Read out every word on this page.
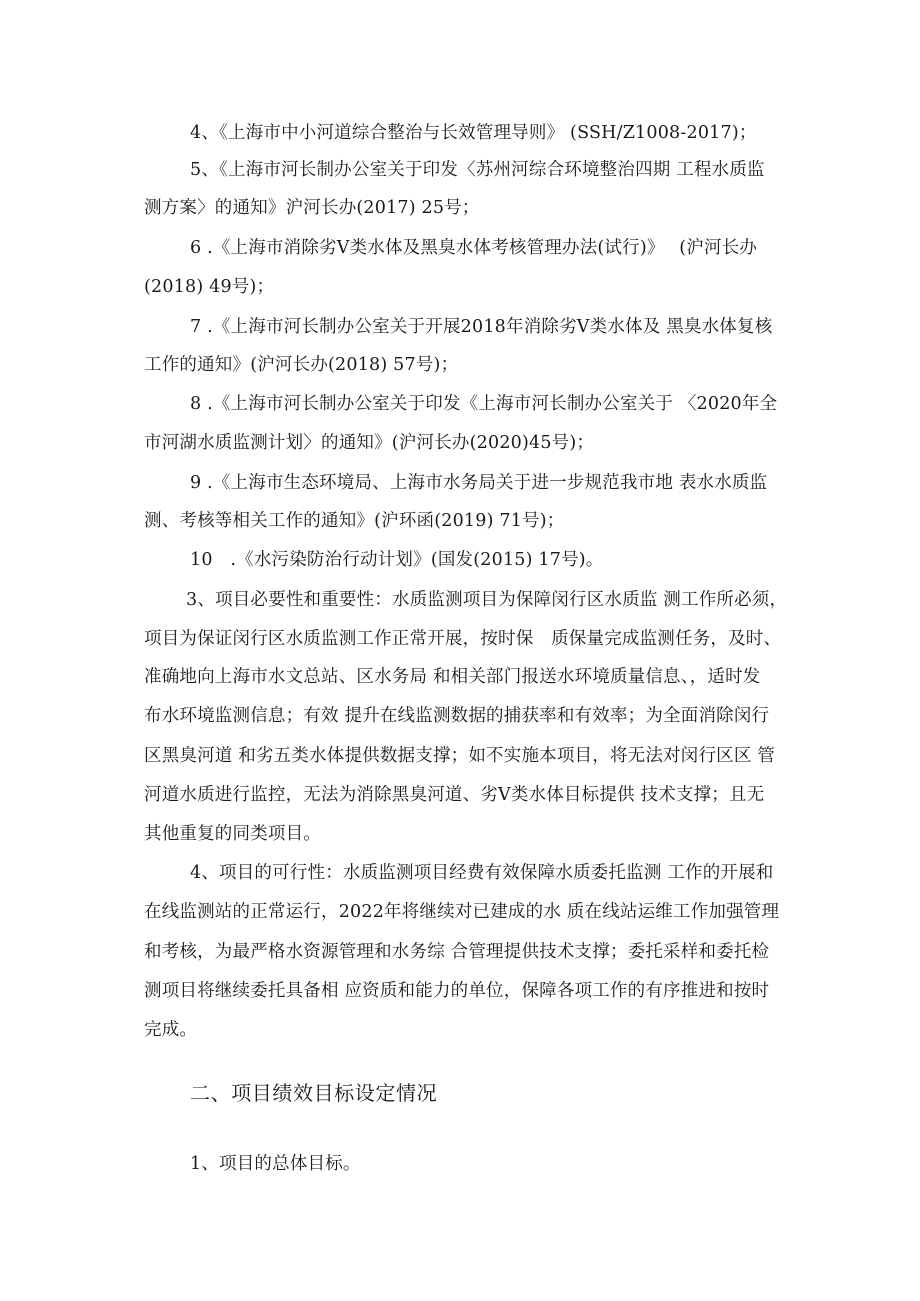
4、《上海市中小河道综合整治与长效管理导则》 (SSH/Z1008-2017)；
5、《上海市河长制办公室关于印发〈苏州河综合环境整治四期 工程水质监
测方案〉的通知》沪河长办(2017) 25号；
6 .《上海市消除劣V类水体及黑臭水体考核管理办法(试行)》　 (沪河长办
(2018) 49号)；
7 .《上海市河长制办公室关于开展2018年消除劣V类水体及 黑臭水体复核
工作的通知》(沪河长办(2018) 57号)；
8 .《上海市河长制办公室关于印发《上海市河长制办公室关于 〈2020年全
市河湖水质监测计划〉的通知》(沪河长办(2020)45号)；
9 .《上海市生态环境局、上海市水务局关于进一步规范我市地 表水水质监
测、考核等相关工作的通知》(沪环函(2019) 71号)；
10　.《水污染防治行动计划》(国发(2015) 17号)。
3、项目必要性和重要性：水质监测项目为保障闵行区水质监 测工作所必须，
项目为保证闵行区水质监测工作正常开展，按时保　质保量完成监测任务，及时、
准确地向上海市水文总站、区水务局 和相关部门报送水环境质量信息、，适时发
布水环境监测信息；有效 提升在线监测数据的捕获率和有效率；为全面消除闵行
区黑臭河道 和劣五类水体提供数据支撑；如不实施本项目，将无法对闵行区区 管
河道水质进行监控，无法为消除黑臭河道、劣V类水体目标提供 技术支撑；且无
其他重复的同类项目。
4、项目的可行性：水质监测项目经费有效保障水质委托监测 工作的开展和
在线监测站的正常运行，2022年将继续对已建成的水 质在线站运维工作加强管理
和考核，为最严格水资源管理和水务综 合管理提供技术支撑；委托采样和委托检
测项目将继续委托具备相 应资质和能力的单位，保障各项工作的有序推进和按时
完成。
二、项目绩效目标设定情况
1、项目的总体目标。
